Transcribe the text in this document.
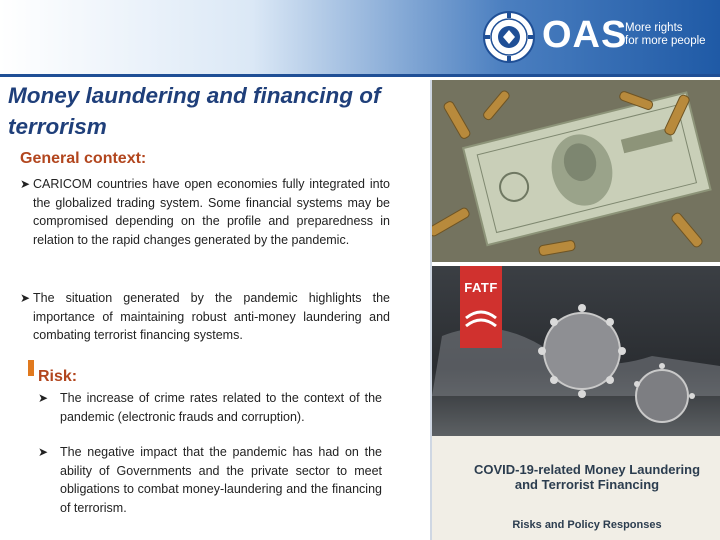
OAS
More rights
for more people
Money laundering and financing of terrorism
General context:
➤ CARICOM countries have open economies fully integrated into the globalized trading system. Some financial systems may be compromised depending on the profile and preparedness in relation to the rapid changes generated by the pandemic.
➤ The situation generated by the pandemic highlights the importance of maintaining robust anti-money laundering and combating terrorist financing systems.
Risk:
➤ The increase of crime rates related to the context of the pandemic (electronic frauds and corruption).
➤ The negative impact that the pandemic has had on the ability of Governments and the private sector to meet obligations to combat money-laundering and the financing of terrorism.
FATF
COVID-19-related Money Laundering and Terrorist Financing
Risks and Policy Responses
